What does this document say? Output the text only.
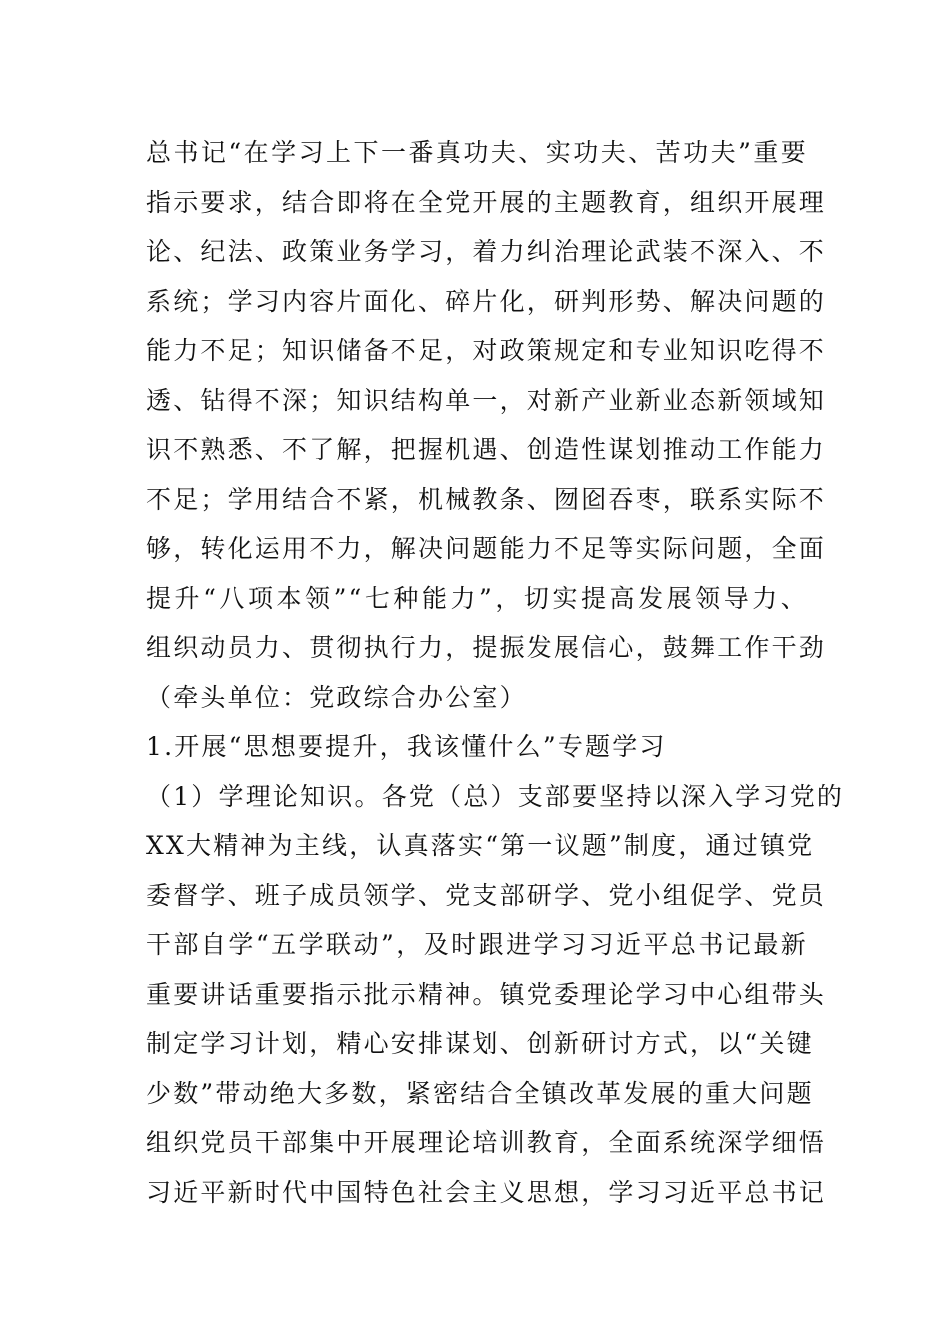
总书记“在学习上下一番真功夫、实功夫、苦功夫”重要
指示要求，结合即将在全党开展的主题教育，组织开展理
论、纪法、政策业务学习，着力纠治理论武装不深入、不
系统；学习内容片面化、碎片化，研判形势、解决问题的
能力不足；知识储备不足，对政策规定和专业知识吃得不
透、钻得不深；知识结构单一，对新产业新业态新领域知
识不熟悉、不了解，把握机遇、创造性谋划推动工作能力
不足；学用结合不紧，机械教条、囫囵吞枣，联系实际不
够，转化运用不力，解决问题能力不足等实际问题，全面
提升“八项本领”“七种能力”，切实提高发展领导力、
组织动员力、贯彻执行力，提振发展信心，鼓舞工作干劲
（牵头单位：党政综合办公室）
1.开展“思想要提升，我该懂什么”专题学习
（1）学理论知识。各党（总）支部要坚持以深入学习党的
XX大精神为主线，认真落实“第一议题”制度，通过镇党
委督学、班子成员领学、党支部研学、党小组促学、党员
干部自学“五学联动”，及时跟进学习习近平总书记最新
重要讲话重要指示批示精神。镇党委理论学习中心组带头
制定学习计划，精心安排谋划、创新研讨方式，以“关键
少数”带动绝大多数，紧密结合全镇改革发展的重大问题
组织党员干部集中开展理论培训教育，全面系统深学细悟
习近平新时代中国特色社会主义思想，学习习近平总书记
